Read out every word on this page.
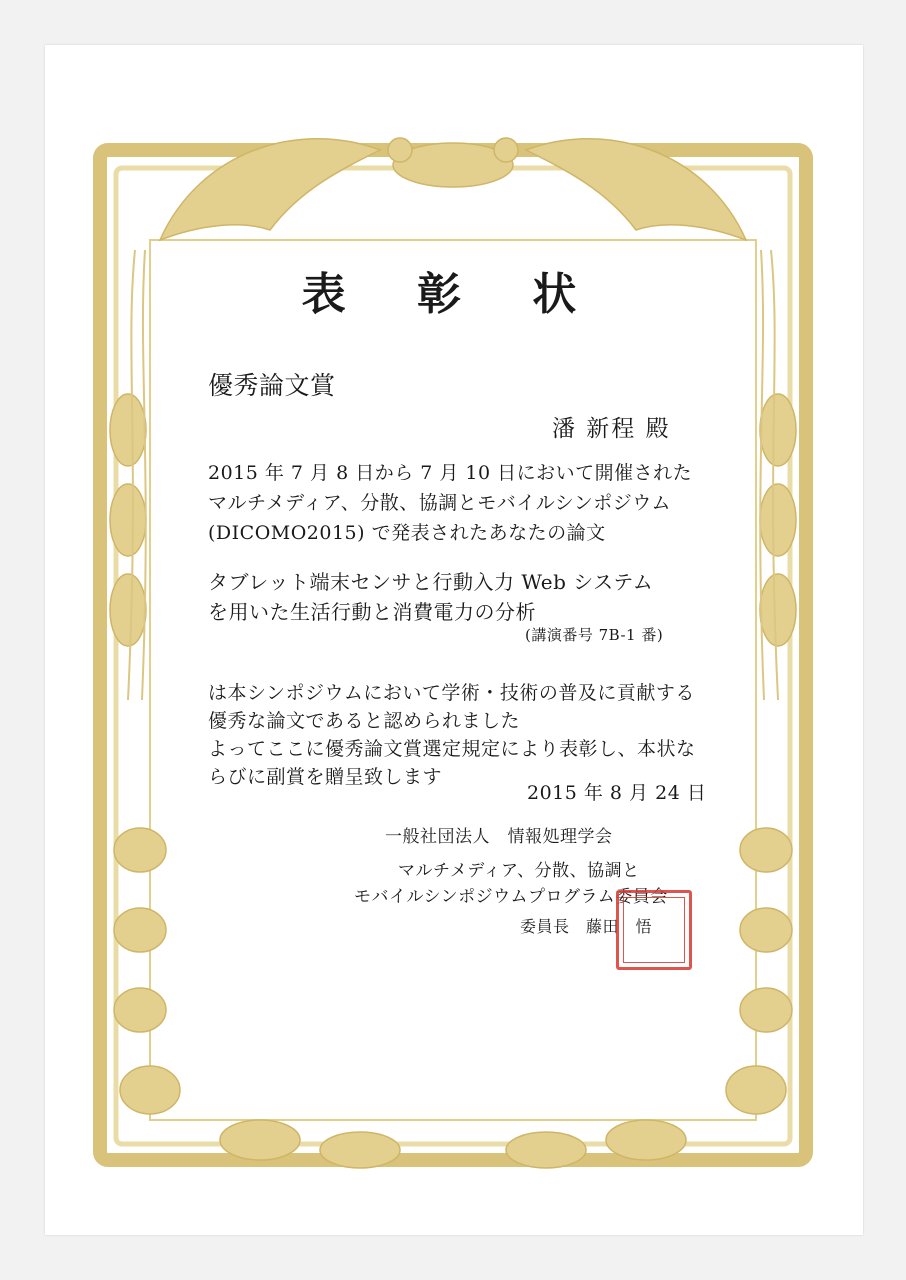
表 彰 状
優秀論文賞
潘 新程 殿
2015 年 7 月 8 日から 7 月 10 日において開催された
マルチメディア、分散、協調とモバイルシンポジウム
(DICOMO2015) で発表されたあなたの論文
タブレット端末センサと行動入力 Web システム
を用いた生活行動と消費電力の分析
(講演番号 7B-1 番)
は本シンポジウムにおいて学術・技術の普及に貢献する
優秀な論文であると認められました
よってここに優秀論文賞選定規定により表彰し、本状な
らびに副賞を贈呈致します
2015 年 8 月 24 日
一般社団法人　情報処理学会
マルチメディア、分散、協調と
モバイルシンポジウムプログラム委員会
委員長　藤田　悟
